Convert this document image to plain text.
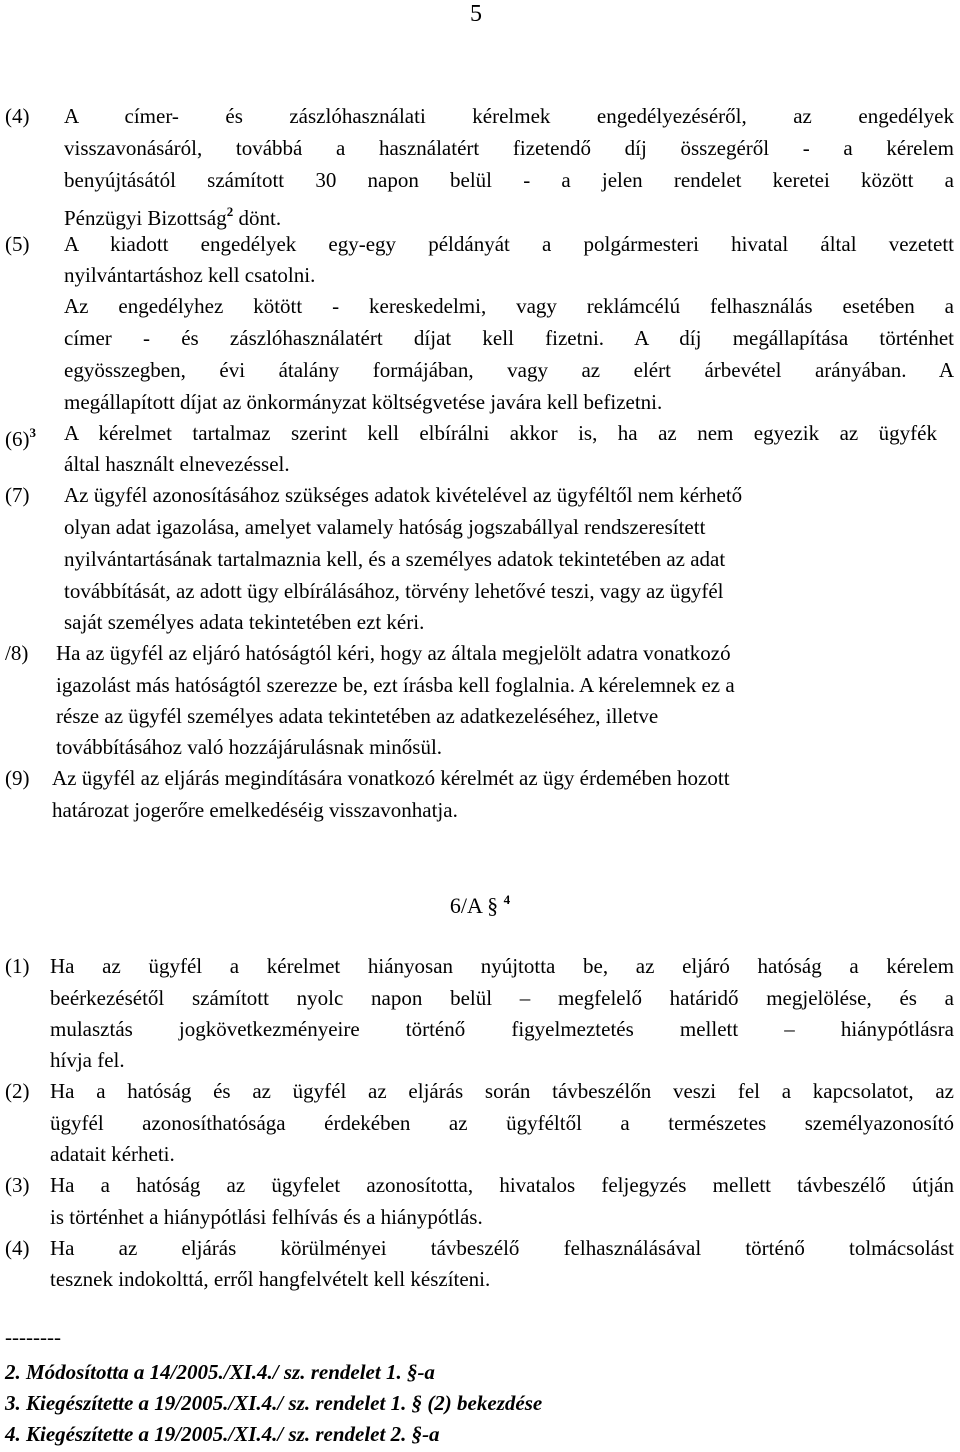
5
(4) A címer- és zászlóhasználati kérelmek engedélyezéséről, az engedélyek
visszavonásáról, továbbá a használatért fizetendő díj összegéről - a kérelem
benyújtásától számított 30 napon belül - a jelen rendelet keretei között a
Pénzügyi Bizottság$^2$ dönt.
(5) A kiadott engedélyek egy-egy példányát a polgármesteri hivatal által vezetett
nyilvántartáshoz kell csatolni.
Az engedélyhez kötött - kereskedelmi, vagy reklámcélú felhasználás esetében a
címer - és zászlóhasználatért díjat kell fizetni. A díj megállapítása történhet
egyösszegben, évi átalány formájában, vagy az elért árbevétel arányában. A
megállapított díjat az önkormányzat költségvetése javára kell befizetni.
$(6)^3$ A kérelmet tartalmaz szerint kell elbírálni akkor is, ha az nem egyezik az ügyfék
által használt elnevezéssel.
(7) Az ügyfél azonosításához szükséges adatok kivételével az ügyféltől nem kérhető
olyan adat igazolása, amelyet valamely hatóság jogszabállyal rendszeresített
nyilvántartásának tartalmaznia kell, és a személyes adatok tekintetében az adat
továbbítását, az adott ügy elbírálásához, törvény lehetővé teszi, vagy az ügyfél
saját személyes adata tekintetében ezt kéri.
/8) Ha az ügyfél az eljáró hatóságtól kéri, hogy az általa megjelölt adatra vonatkozó
igazolást más hatóságtól szerezze be, ezt írásba kell foglalnia. A kérelemnek ez a
része az ügyfél személyes adata tekintetében az adatkezeléséhez, illetve
továbbításához való hozzájárulásnak minősül.
(9) Az ügyfél az eljárás megindítására vonatkozó kérelmét az ügy érdemében hozott
határozat jogerőre emelkedéséig visszavonhatja.
6/A § $^4$
(1) Ha az ügyfél a kérelmet hiányosan nyújtotta be, az eljáró hatóság a kérelem
beérkezésétől számított nyolc napon belül – megfelelő határidő megjelölése, és a
mulasztás jogkövetkezményeire történő figyelmeztetés mellett – hiánypótlásra
hívja fel.
(2) Ha a hatóság és az ügyfél az eljárás során távbeszélőn veszi fel a kapcsolatot, az
ügyfél azonosíthatósága érdekében az ügyféltől a természetes személyazonosító
adatait kérheti.
(3) Ha a hatóság az ügyfelet azonosította, hivatalos feljegyzés mellett távbeszélő útján
is történhet a hiánypótlási felhívás és a hiánypótlás.
(4) Ha az eljárás körülményei távbeszélő felhasználásával történő tolmácsolást
tesznek indokolttá, erről hangfelvételt kell készíteni.
--------
2. Módosította a 14/2005./XI.4./ sz. rendelet 1. §-a
3. Kiegészítette a 19/2005./XI.4./ sz. rendelet 1. § (2) bekezdése
4. Kiegészítette a 19/2005./XI.4./ sz. rendelet 2. §-a
